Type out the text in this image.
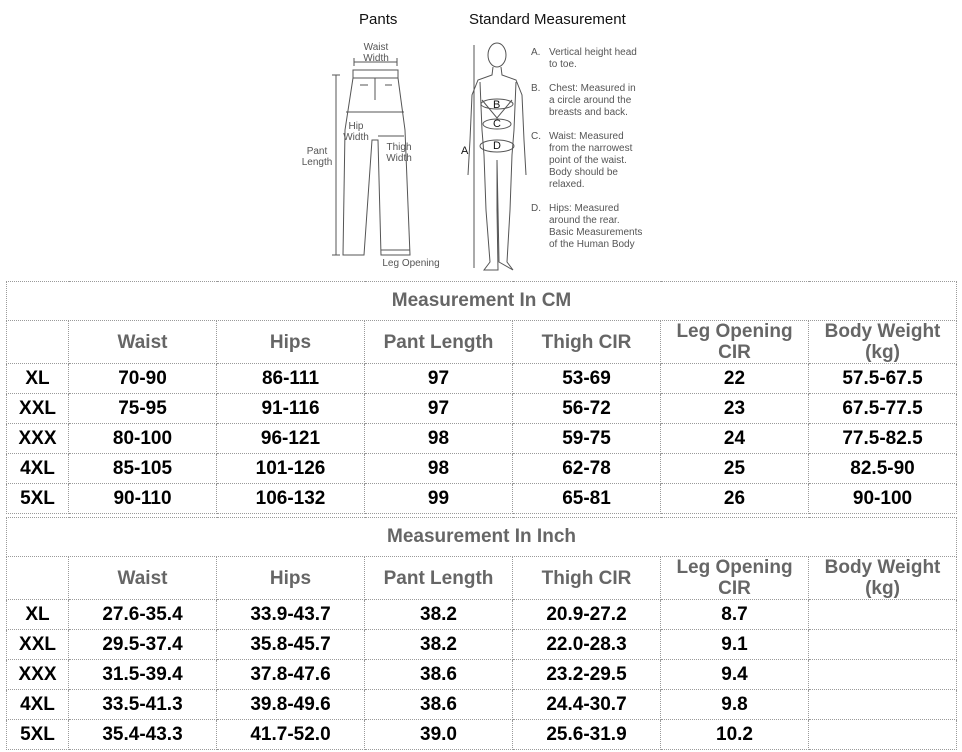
Pants	Standard Measurement
Waist
Width
Hip
Width
Pant
Length
Thigh
Width
Leg Opening
A
B
C
D
A. Vertical height head
to toe.
B. Chest: Measured in
a circle around the
breasts and back.
C. Waist: Measured
from the narrowest
point of the waist.
Body should be
relaxed.
D. Hips: Measured
around the rear.
Basic Measurements
of the Human Body
Measurement In CM						
	Waist	Hips	Pant Length	Thigh CIR	Leg Opening CIR	Body Weight (kg)
XL	70-90	86-111	97	53-69	22	57.5-67.5
XXL	75-95	91-116	97	56-72	23	67.5-77.5
XXX	80-100	96-121	98	59-75	24	77.5-82.5
4XL	85-105	101-126	98	62-78	25	82.5-90
5XL	90-110	106-132	99	65-81	26	90-100
Measurement In Inch						
	Waist	Hips	Pant Length	Thigh CIR	Leg Opening CIR	Body Weight (kg)
XL	27.6-35.4	33.9-43.7	38.2	20.9-27.2	8.7	
XXL	29.5-37.4	35.8-45.7	38.2	22.0-28.3	9.1	
XXX	31.5-39.4	37.8-47.6	38.6	23.2-29.5	9.4	
4XL	33.5-41.3	39.8-49.6	38.6	24.4-30.7	9.8	
5XL	35.4-43.3	41.7-52.0	39.0	25.6-31.9	10.2	
